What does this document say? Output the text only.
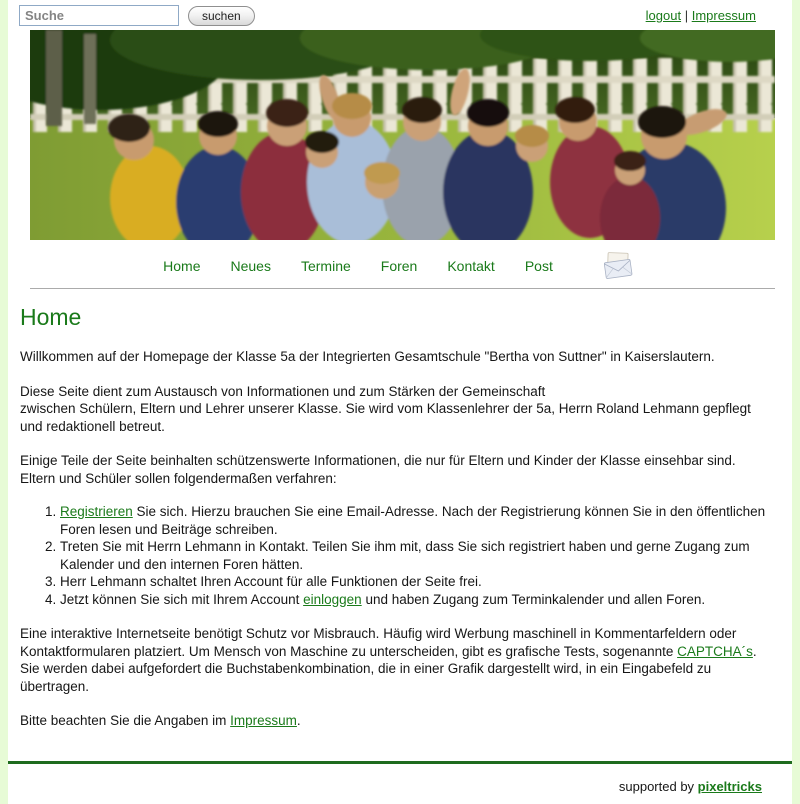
Suche
suchen	logout | Impressum
Home Neues Termine Foren Kontakt Post
Home

Willkommen auf der Homepage der Klasse 5a der Integrierten Gesamtschule "Bertha von Suttner" in Kaiserslautern.

Diese Seite dient zum Austausch von Informationen und zum Stärken der Gemeinschaft
zwischen Schülern, Eltern und Lehrer unserer Klasse. Sie wird vom Klassenlehrer der 5a, Herrn Roland Lehmann gepflegt und redaktionell betreut.

Einige Teile der Seite beinhalten schützenswerte Informationen, die nur für Eltern und Kinder der Klasse einsehbar sind. Eltern und Schüler sollen folgendermaßen verfahren:

1. Registrieren Sie sich. Hierzu brauchen Sie eine Email-Adresse. Nach der Registrierung können Sie in den öffentlichen Foren lesen und Beiträge schreiben.
2. Treten Sie mit Herrn Lehmann in Kontakt. Teilen Sie ihm mit, dass Sie sich registriert haben und gerne Zugang zum Kalender und den internen Foren hätten.
3. Herr Lehmann schaltet Ihren Account für alle Funktionen der Seite frei.
4. Jetzt können Sie sich mit Ihrem Account einloggen und haben Zugang zum Terminkalender und allen Foren.

Eine interaktive Internetseite benötigt Schutz vor Misbrauch. Häufig wird Werbung maschinell in Kommentarfeldern oder Kontaktformularen platziert. Um Mensch von Maschine zu unterscheiden, gibt es grafische Tests, sogenannte CAPTCHA´s. Sie werden dabei aufgefordert die Buchstabenkombination, die in einer Grafik dargestellt wird, in ein Eingabefeld zu übertragen.

Bitte beachten Sie die Angaben im Impressum.

supported by pixeltricks
